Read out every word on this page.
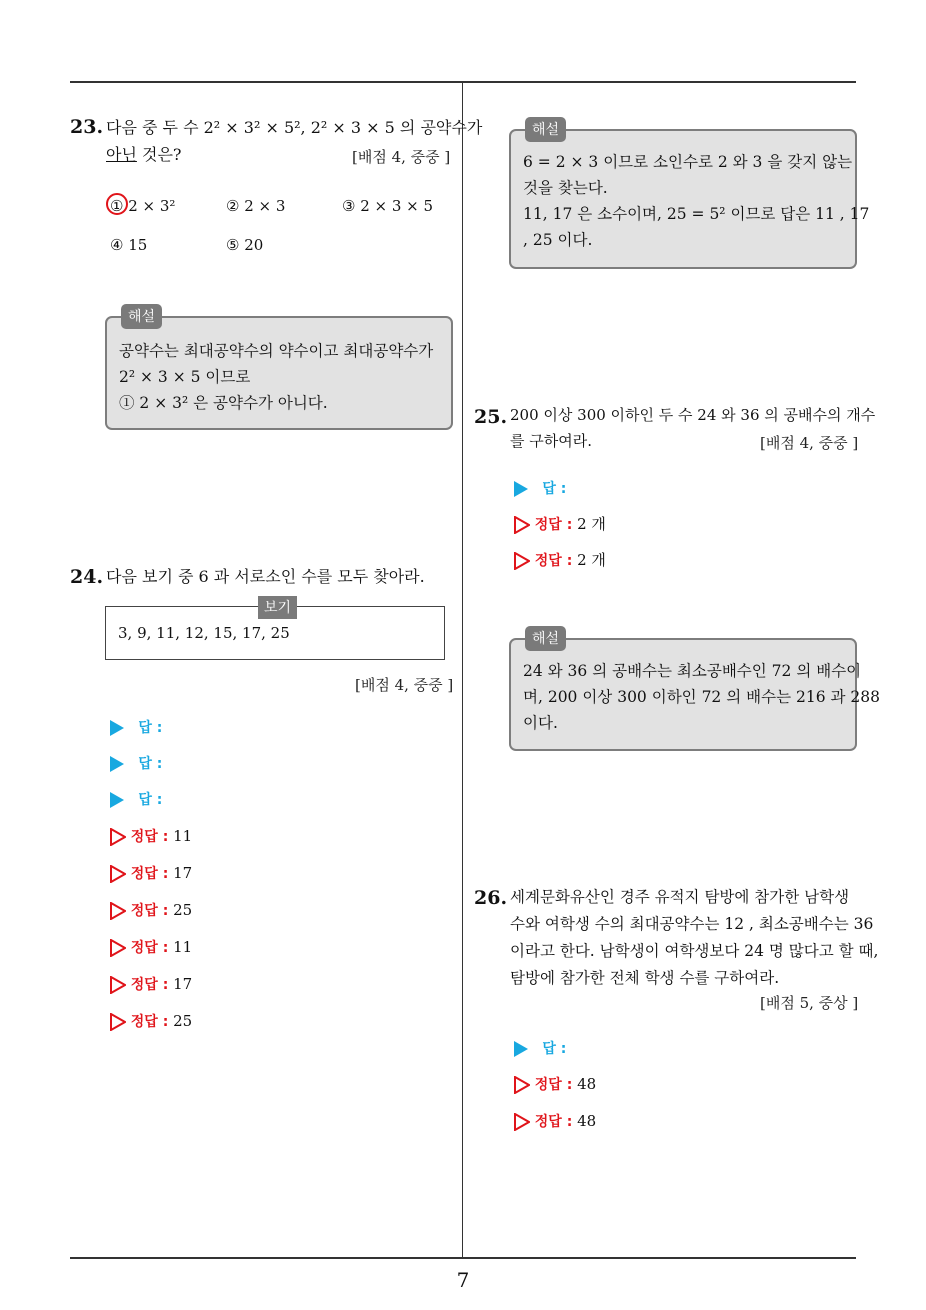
7
23. 다음 중 두 수 2² × 3² × 5², 2² × 3 × 5 의 공약수가
아닌 것은?	[배점 4, 중중 ]
① 2 × 3²	② 2 × 3	③ 2 × 3 × 5
④ 15	⑤ 20
해설
공약수는 최대공약수의 약수이고 최대공약수가
2² × 3 × 5 이므로
① 2 × 3² 은 공약수가 아니다.
24. 다음 보기 중 6 과 서로소인 수를 모두 찾아라.
보기
3, 9, 11, 12, 15, 17, 25
[배점 4, 중중 ]
답 :
답 :
답 :
정답 : 11
정답 : 17
정답 : 25
정답 : 11
정답 : 17
정답 : 25
해설
6 = 2 × 3 이므로 소인수로 2 와 3 을 갖지 않는
것을 찾는다.
11, 17 은 소수이며, 25 = 5² 이므로 답은 11 , 17
, 25 이다.
25. 200 이상 300 이하인 두 수 24 와 36 의 공배수의 개수
를 구하여라.	[배점 4, 중중 ]
답 :
정답 : 2 개
정답 : 2 개
해설
24 와 36 의 공배수는 최소공배수인 72 의 배수이
며, 200 이상 300 이하인 72 의 배수는 216 과 288
이다.
26. 세계문화유산인 경주 유적지 탐방에 참가한 남학생
수와 여학생 수의 최대공약수는 12 , 최소공배수는 36
이라고 한다. 남학생이 여학생보다 24 명 많다고 할 때,
탐방에 참가한 전체 학생 수를 구하여라.
[배점 5, 중상 ]
답 :
정답 : 48
정답 : 48
